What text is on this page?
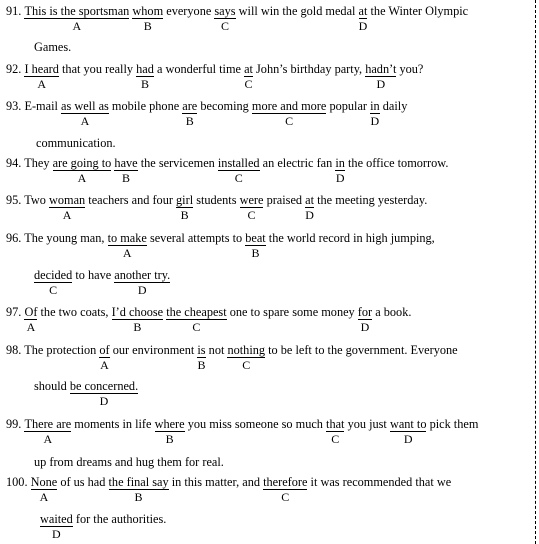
91. This is the sportsman
A
whom
B
everyone says
C
will win the gold medal at
D
the Winter Olympic
Games.
92. I heard
A
that you really had
B
a wonderful time at
C
John’s birthday party, hadn’t
D
you?
93. E-mail as well as
A
mobile phone are
B
becoming more and more
C
popular in
D
daily
communication.
94. They are going to
A
have
B
the servicemen installed
C
an electric fan in
D
the office tomorrow.
95. Two woman
A
teachers and four girl
B
students were
C
praised at
D
the meeting yesterday.
96. The young man, to make
A
several attempts to beat
B
the world record in high jumping,
decided
C
to have another try.
D
97. Of
A
the two coats, I’d choose
B
the cheapest
C
one to spare some money for
D
a book.
98. The protection of
A
our environment is
B
not nothing
C
to be left to the government. Everyone
should be concerned.
D
99. There are
A
moments in life where
B
you miss someone so much that
C
you just want to
D
pick them
up from dreams and hug them for real.
100. None
A
of us had the final say
B
in this matter, and therefore
C
it was recommended that we
waited
D
for the authorities.
